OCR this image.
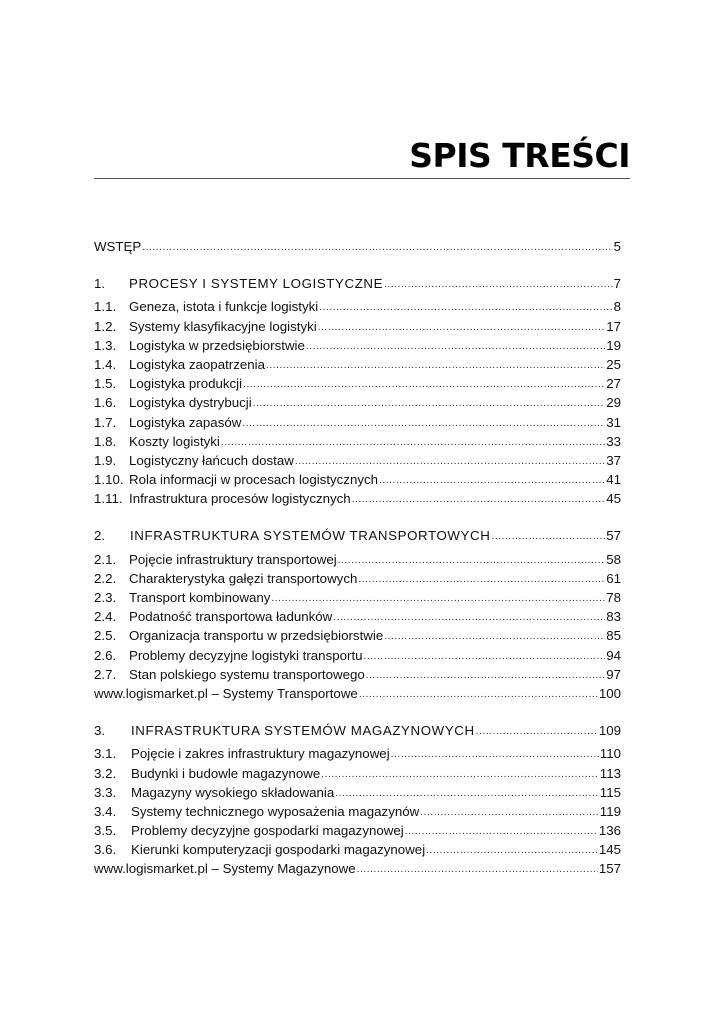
SPIS TREŚCI
WSTĘP .....	5
1.	PROCESY I SYSTEMY LOGISTYCZNE .....	7
1.1. Geneza, istota i funkcje logistyki .....	8
1.2. Systemy klasyfikacyjne logistyki .....	17
1.3. Logistyka w przedsiębiorstwie .....	19
1.4. Logistyka zaopatrzenia .....	25
1.5. Logistyka produkcji .....	27
1.6. Logistyka dystrybucji .....	29
1.7. Logistyka zapasów .....	31
1.8. Koszty logistyki .....	33
1.9. Logistyczny łańcuch dostaw .....	37
1.10. Rola informacji w procesach logistycznych .....	41
1.11. Infrastruktura procesów logistycznych .....	45
2.	INFRASTRUKTURA SYSTEMÓW TRANSPORTOWYCH .....	57
2.1. Pojęcie infrastruktury transportowej .....	58
2.2. Charakterystyka gałęzi transportowych .....	61
2.3. Transport kombinowany .....	78
2.4. Podatność transportowa ładunków .....	83
2.5. Organizacja transportu w przedsiębiorstwie .....	85
2.6. Problemy decyzyjne logistyki transportu .....	94
2.7. Stan polskiego systemu transportowego .....	97
www.logismarket.pl – Systemy Transportowe .....	100
3.	INFRASTRUKTURA SYSTEMÓW MAGAZYNOWYCH .....	109
3.1.	Pojęcie i zakres infrastruktury magazynowej .....	110
3.2.	Budynki i budowle magazynowe .....	113
3.3.	Magazyny wysokiego składowania .....	115
3.4.	Systemy technicznego wyposażenia magazynów .....	119
3.5.	Problemy decyzyjne gospodarki magazynowej .....	136
3.6.	Kierunki komputeryzacji gospodarki magazynowej .....	145
www.logismarket.pl – Systemy Magazynowe .....	157
